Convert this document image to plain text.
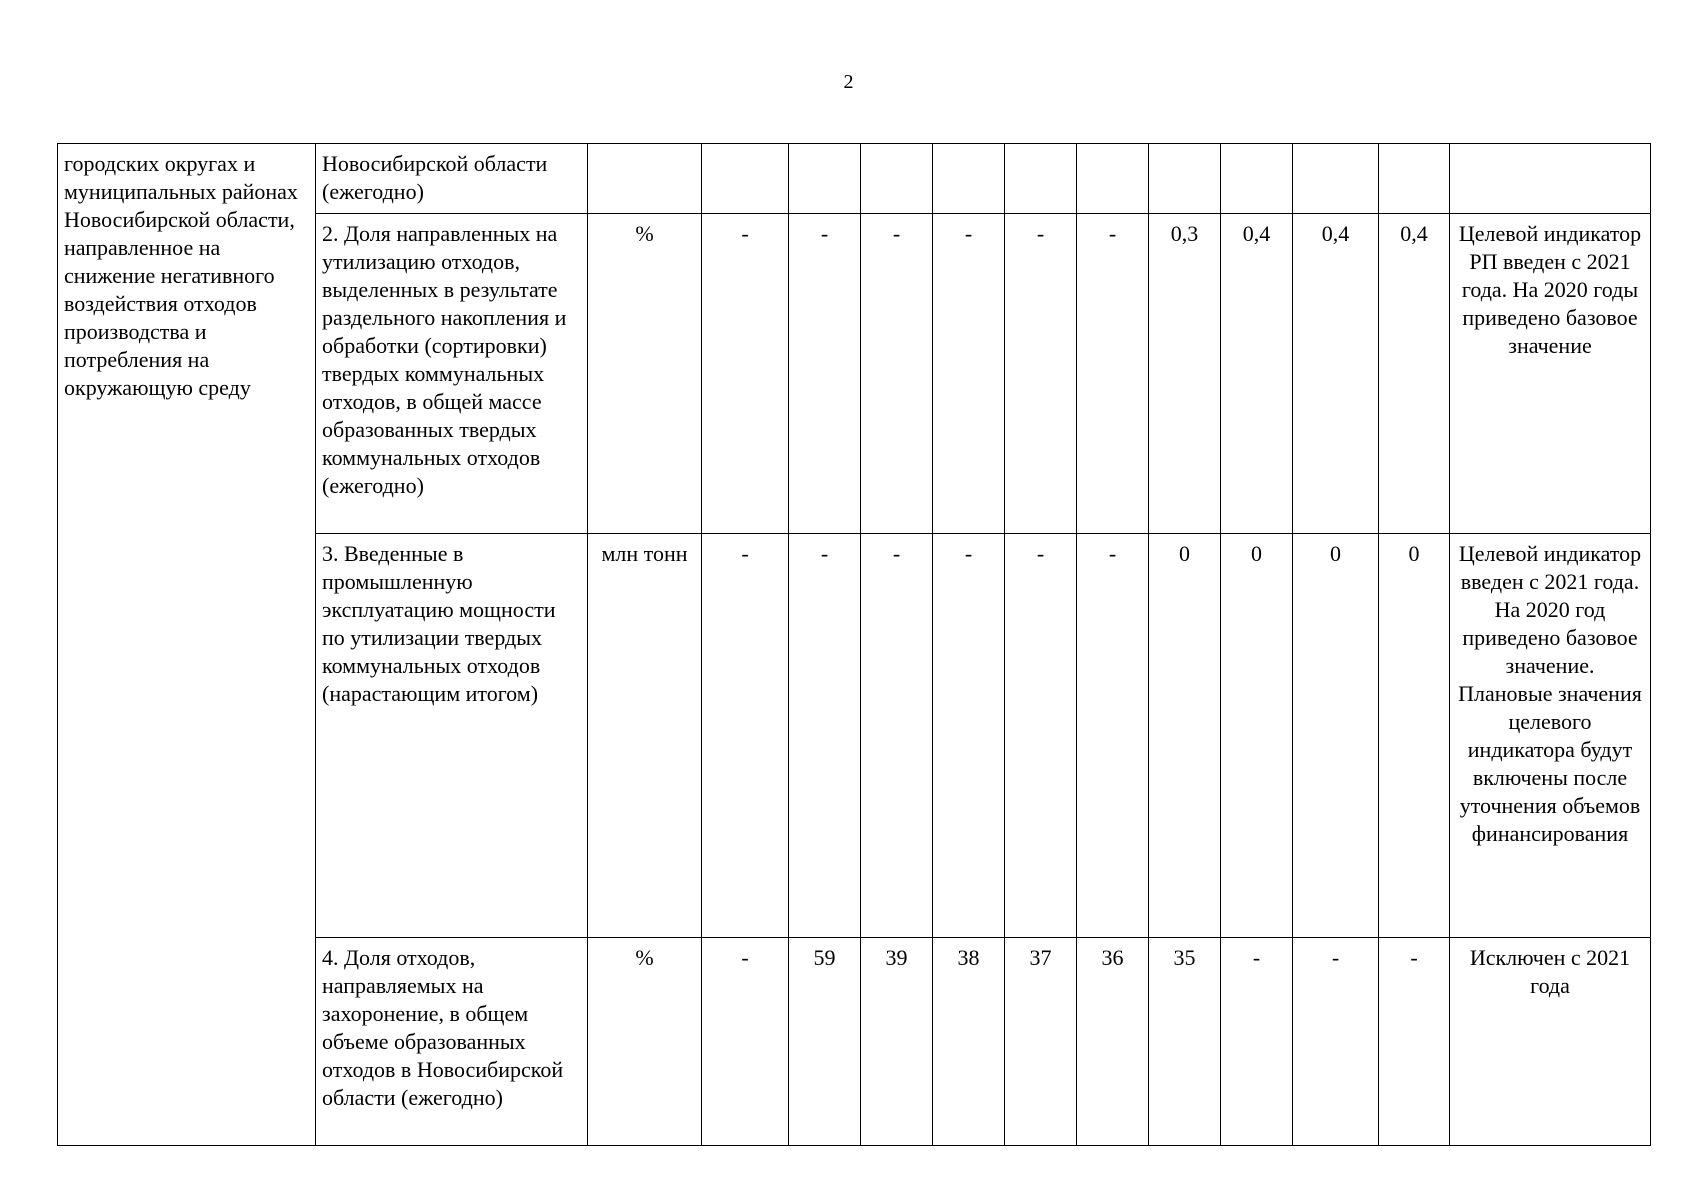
2
городских округах и муниципальных районах Новосибирской области, направленное на снижение негативного воздействия отходов производства и потребления на окружающую среду	Новосибирской области (ежегодно)												
	2. Доля направленных на утилизацию отходов, выделенных в результате раздельного накопления и обработки (сортировки) твердых коммунальных отходов, в общей массе образованных твердых коммунальных отходов (ежегодно)	%	-	-	-	-	-	-	0,3	0,4	0,4	0,4	Целевой индикатор РП введен с 2021 года. На 2020 годы приведено базовое значение
	3. Введенные в промышленную эксплуатацию мощности по утилизации твердых коммунальных отходов (нарастающим итогом)	млн тонн	-	-	-	-	-	-	0	0	0	0	Целевой индикатор введен с 2021 года. На 2020 год приведено базовое значение. Плановые значения целевого индикатора будут включены после уточнения объемов финансирования
	4. Доля отходов, направляемых на захоронение, в общем объеме образованных отходов в Новосибирской области (ежегодно)	%	-	59	39	38	37	36	35	-	-	-	Исключен с 2021 года
